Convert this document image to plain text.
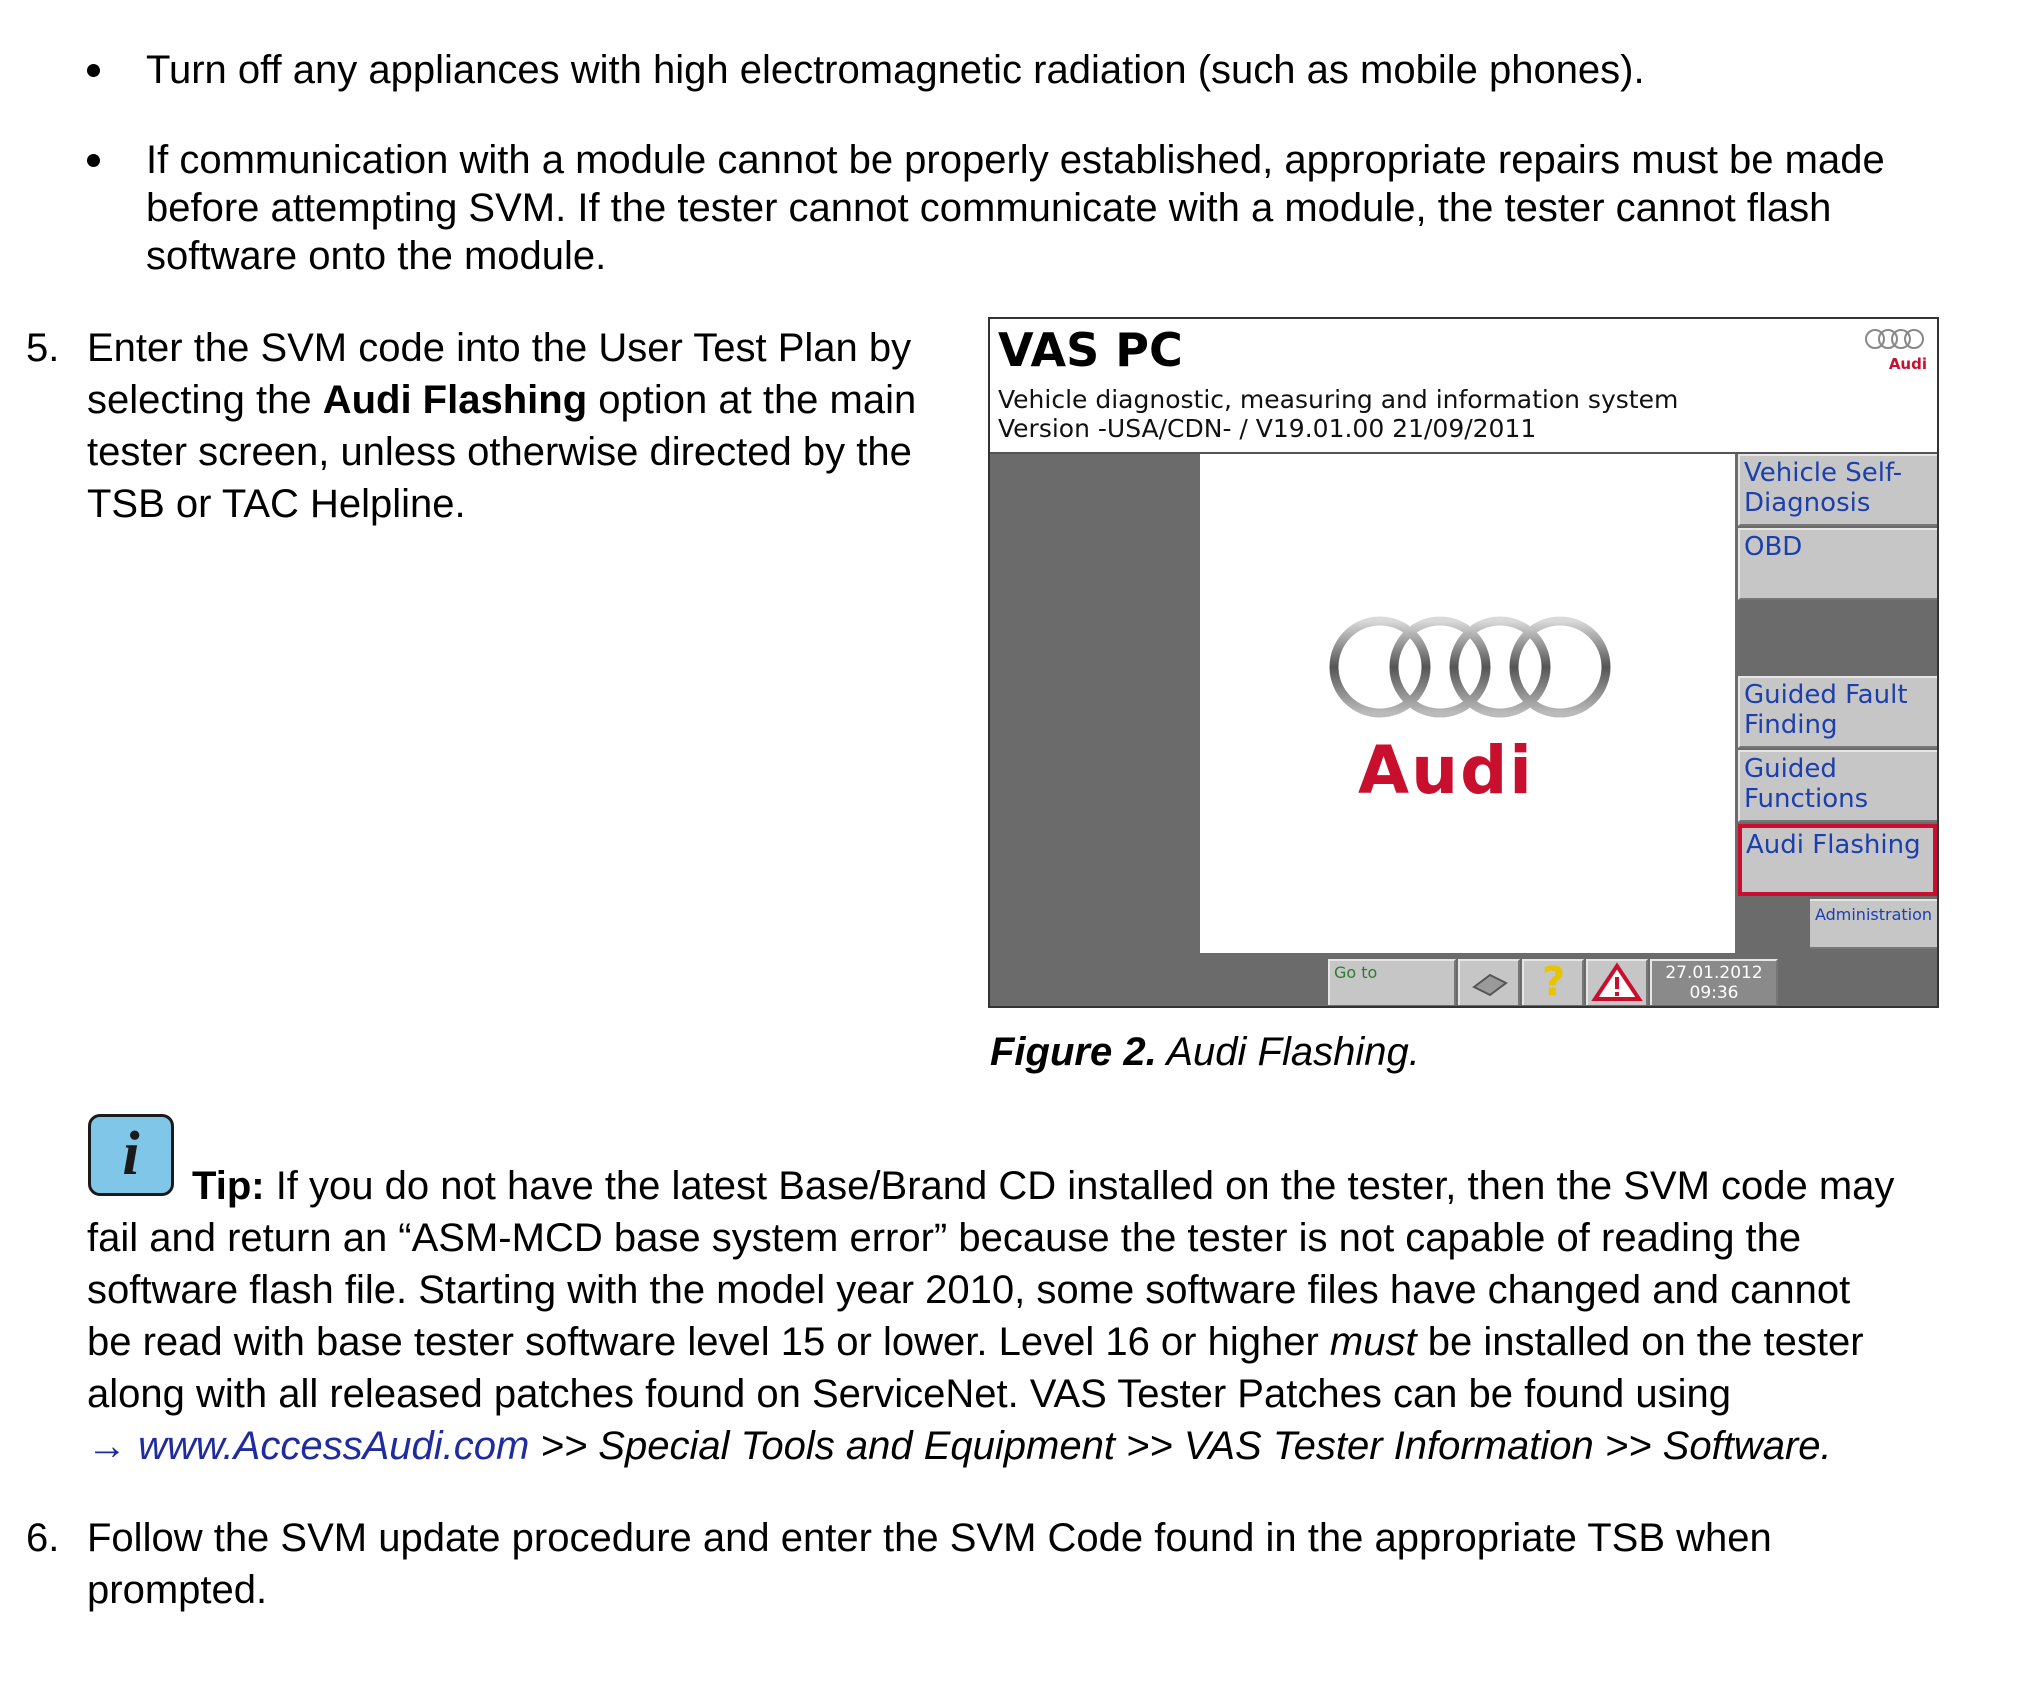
Turn off any appliances with high electromagnetic radiation (such as mobile phones).
If communication with a module cannot be properly established, appropriate repairs must be made
before attempting SVM. If the tester cannot communicate with a module, the tester cannot flash
software onto the module.
5. Enter the SVM code into the User Test Plan by
selecting the Audi Flashing option at the main
tester screen, unless otherwise directed by the
TSB or TAC Helpline.
VAS PC
Vehicle diagnostic, measuring and information system
Version -USA/CDN- / V19.01.00 21/09/2011
Audi
Audi
Vehicle Self-Diagnosis
OBD
Guided Fault Finding
Guided Functions
Audi Flashing
Administration
Go to	?	27.01.2012
09:36
Figure 2. Audi Flashing.
i	Tip: If you do not have the latest Base/Brand CD installed on the tester, then the SVM code may
fail and return an “ASM-MCD base system error” because the tester is not capable of reading the
software flash file. Starting with the model year 2010, some software files have changed and cannot
be read with base tester software level 15 or lower. Level 16 or higher must be installed on the tester
along with all released patches found on ServiceNet. VAS Tester Patches can be found using
→ www.AccessAudi.com >> Special Tools and Equipment >> VAS Tester Information >> Software.
6. Follow the SVM update procedure and enter the SVM Code found in the appropriate TSB when
prompted.
